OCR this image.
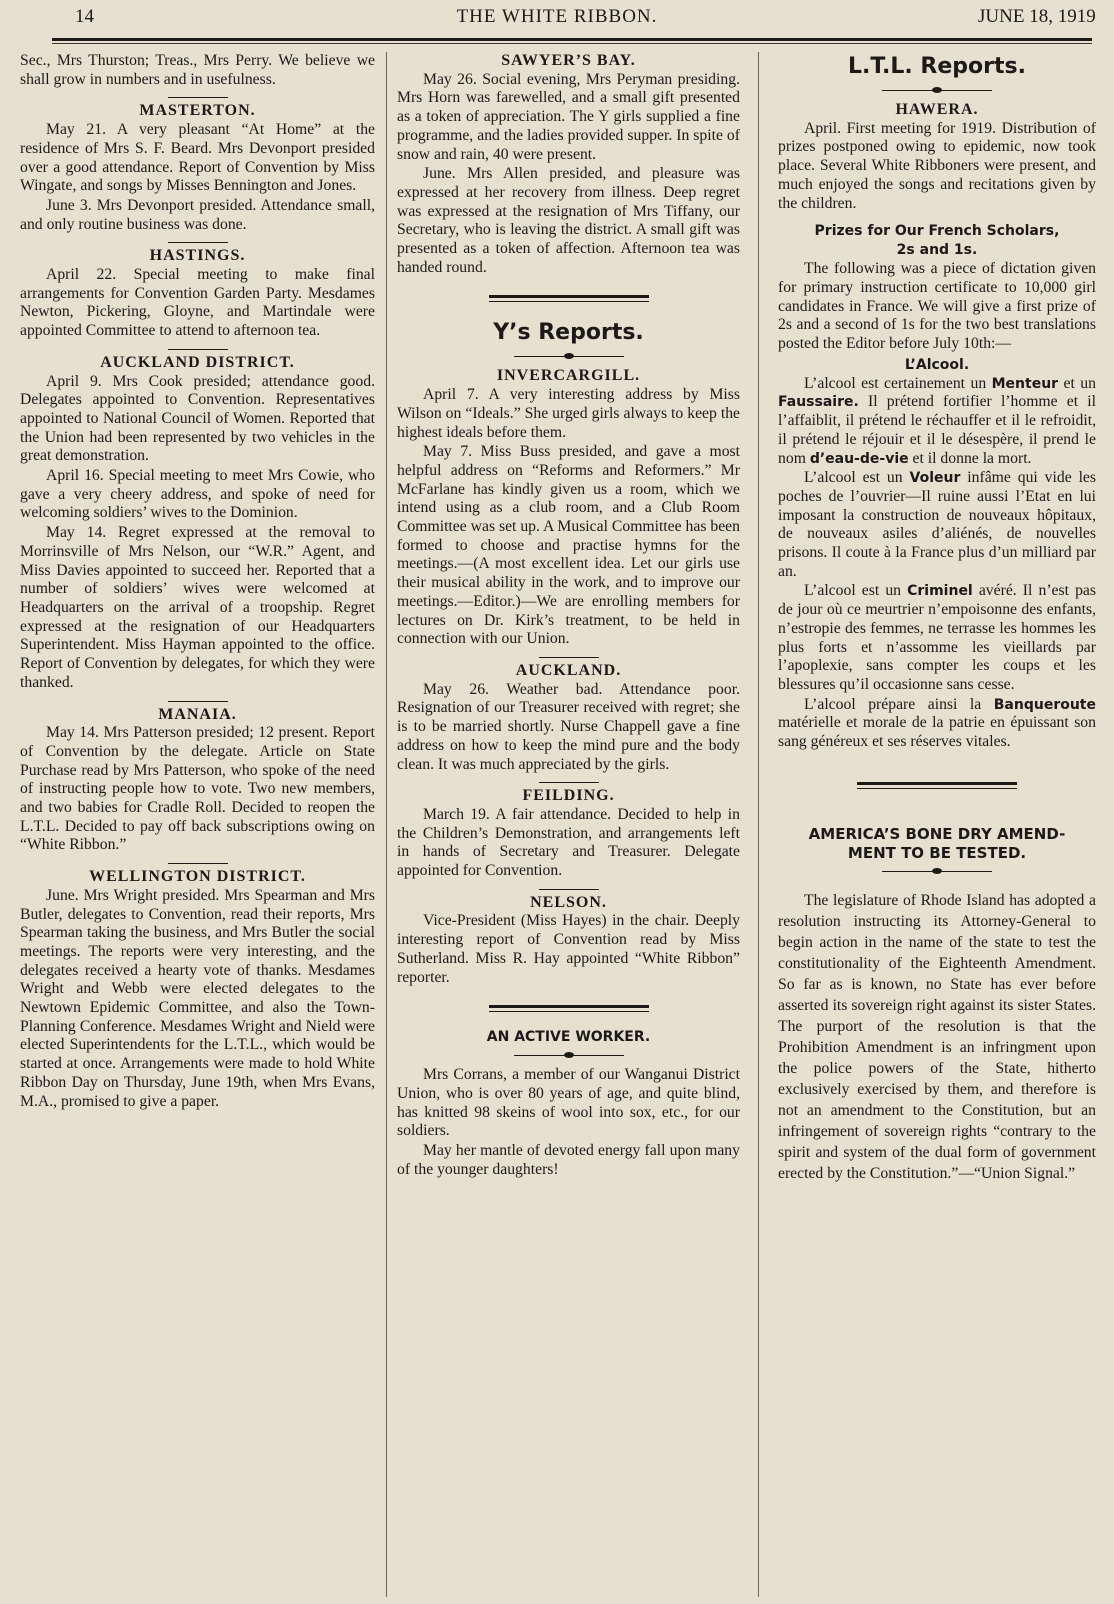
14	THE WHITE RIBBON.	JUNE 18, 1919

Sec., Mrs Thurston; Treas., Mrs Perry. We believe we shall grow in numbers and in usefulness.

MASTERTON.

May 21. A very pleasant “At Home” at the residence of Mrs S. F. Beard. Mrs Devonport presided over a good attendance. Report of Convention by Miss Wingate, and songs by Misses Bennington and Jones.

June 3. Mrs Devonport presided. Attendance small, and only routine business was done.

HASTINGS.

April 22. Special meeting to make final arrangements for Convention Garden Party. Mesdames Newton, Pickering, Gloyne, and Martindale were appointed Committee to attend to afternoon tea.

AUCKLAND DISTRICT.

April 9. Mrs Cook presided; attendance good. Delegates appointed to Convention. Representatives appointed to National Council of Women. Reported that the Union had been represented by two vehicles in the great demonstration.

April 16. Special meeting to meet Mrs Cowie, who gave a very cheery address, and spoke of need for welcoming soldiers’ wives to the Dominion.

May 14. Regret expressed at the removal to Morrinsville of Mrs Nelson, our “W.R.” Agent, and Miss Davies appointed to succeed her. Reported that a number of soldiers’ wives were welcomed at Headquarters on the arrival of a troopship. Regret expressed at the resignation of our Headquarters Superintendent. Miss Hayman appointed to the office. Report of Convention by delegates, for which they were thanked.

MANAIA.

May 14. Mrs Patterson presided; 12 present. Report of Convention by the delegate. Article on State Purchase read by Mrs Patterson, who spoke of the need of instructing people how to vote. Two new members, and two babies for Cradle Roll. Decided to reopen the L.T.L. Decided to pay off back subscriptions owing on “White Ribbon.”

WELLINGTON DISTRICT.

June. Mrs Wright presided. Mrs Spearman and Mrs Butler, delegates to Convention, read their reports, Mrs Spearman taking the business, and Mrs Butler the social meetings. The reports were very interesting, and the delegates received a hearty vote of thanks. Mesdames Wright and Webb were elected delegates to the Newtown Epidemic Committee, and also the Town-Planning Conference. Mesdames Wright and Nield were elected Superintendents for the L.T.L., which would be started at once. Arrangements were made to hold White Ribbon Day on Thursday, June 19th, when Mrs Evans, M.A., promised to give a paper.

SAWYER’S BAY.

May 26. Social evening, Mrs Peryman presiding. Mrs Horn was farewelled, and a small gift presented as a token of appreciation. The Y girls supplied a fine programme, and the ladies provided supper. In spite of snow and rain, 40 were present.

June. Mrs Allen presided, and pleasure was expressed at her recovery from illness. Deep regret was expressed at the resignation of Mrs Tiffany, our Secretary, who is leaving the district. A small gift was presented as a token of affection. Afternoon tea was handed round.

Y’s Reports.
INVERCARGILL.

April 7. A very interesting address by Miss Wilson on “Ideals.” She urged girls always to keep the highest ideals before them.

May 7. Miss Buss presided, and gave a most helpful address on “Reforms and Reformers.” Mr McFarlane has kindly given us a room, which we intend using as a club room, and a Club Room Committee was set up. A Musical Committee has been formed to choose and practise hymns for the meetings.—(A most excellent idea. Let our girls use their musical ability in the work, and to improve our meetings.—Editor.)—We are enrolling members for lectures on Dr. Kirk’s treatment, to be held in connection with our Union.

AUCKLAND.

May 26. Weather bad. Attendance poor. Resignation of our Treasurer received with regret; she is to be married shortly. Nurse Chappell gave a fine address on how to keep the mind pure and the body clean. It was much appreciated by the girls.

FEILDING.

March 19. A fair attendance. Decided to help in the Children’s Demonstration, and arrangements left in hands of Secretary and Treasurer. Delegate appointed for Convention.

NELSON.

Vice-President (Miss Hayes) in the chair. Deeply interesting report of Convention read by Miss Sutherland. Miss R. Hay appointed “White Ribbon” reporter.

AN ACTIVE WORKER.

Mrs Corrans, a member of our Wanganui District Union, who is over 80 years of age, and quite blind, has knitted 98 skeins of wool into sox, etc., for our soldiers.

May her mantle of devoted energy fall upon many of the younger daughters!

L.T.L. Reports.
HAWERA.

April. First meeting for 1919. Distribution of prizes postponed owing to epidemic, now took place. Several White Ribboners were present, and much enjoyed the songs and recitations given by the children.

Prizes for Our French Scholars,
2s and 1s.

The following was a piece of dictation given for primary instruction certificate to 10,000 girl candidates in France. We will give a first prize of 2s and a second of 1s for the two best translations posted the Editor before July 10th:—

L’Alcool.

L’alcool est certainement un Menteur et un Faussaire. Il prétend fortifier l’homme et il l’affaiblit, il prétend le réchauffer et il le refroidit, il prétend le réjouir et il le désespère, il prend le nom d’eau-de-vie et il donne la mort.

L’alcool est un Voleur infâme qui vide les poches de l’ouvrier—Il ruine aussi l’Etat en lui imposant la construction de nouveaux hôpitaux, de nouveaux asiles d’aliénés, de nouvelles prisons. Il coute à la France plus d’un milliard par an.

L’alcool est un Criminel avéré. Il n’est pas de jour où ce meurtrier n’empoisonne des enfants, n’estropie des femmes, ne terrasse les hommes les plus forts et n’assomme les vieillards par l’apoplexie, sans compter les coups et les blessures qu’il occasionne sans cesse.

L’alcool prépare ainsi la Banqueroute matérielle et morale de la patrie en épuissant son sang généreux et ses réserves vitales.

AMERICA’S BONE DRY AMEND-
MENT TO BE TESTED.

The legislature of Rhode Island has adopted a resolution instructing its Attorney-General to begin action in the name of the state to test the constitutionality of the Eighteenth Amendment. So far as is known, no State has ever before asserted its sovereign right against its sister States. The purport of the resolution is that the Prohibition Amendment is an infringment upon the police powers of the State, hitherto exclusively exercised by them, and therefore is not an amendment to the Constitution, but an infringement of sovereign rights “contrary to the spirit and system of the dual form of government erected by the Constitution.”—“Union Signal.”
